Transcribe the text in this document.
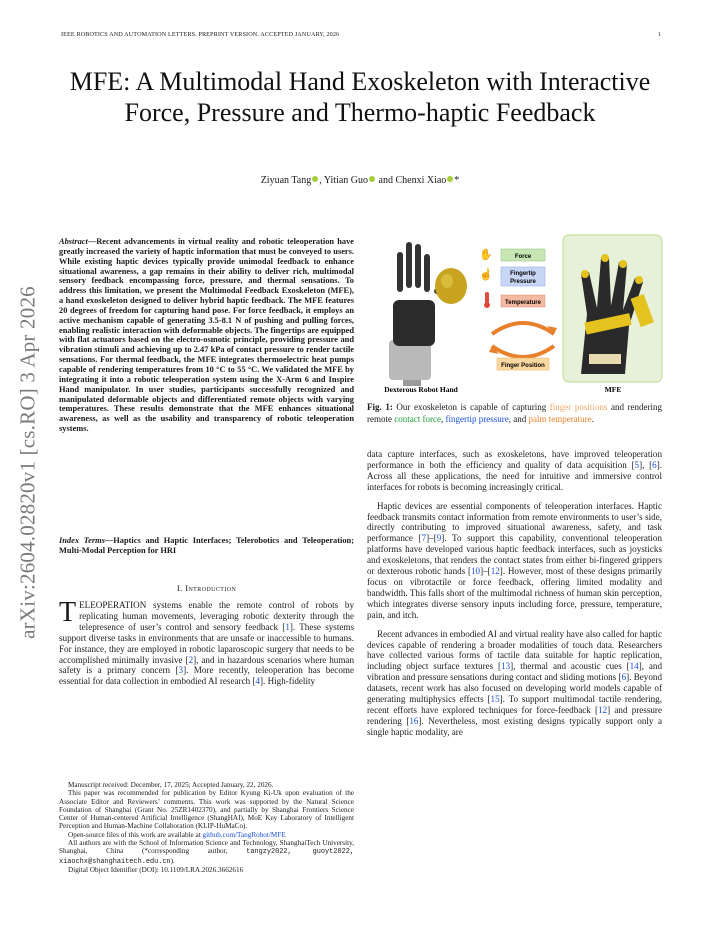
IEEE ROBOTICS AND AUTOMATION LETTERS. PREPRINT VERSION. ACCEPTED JANUARY, 2026	1
arXiv:2604.02820v1 [cs.RO] 3 Apr 2026
MFE: A Multimodal Hand Exoskeleton with Interactive Force, Pressure and Thermo-haptic Feedback
Ziyuan Tang , Yitian Guo and Chenxi Xiao *
Abstract—Recent advancements in virtual reality and robotic teleoperation have greatly increased the variety of haptic information that must be conveyed to users. While existing haptic devices typically provide unimodal feedback to enhance situational awareness, a gap remains in their ability to deliver rich, multimodal sensory feedback encompassing force, pressure, and thermal sensations. To address this limitation, we present the Multimodal Feedback Exoskeleton (MFE), a hand exoskeleton designed to deliver hybrid haptic feedback. The MFE features 20 degrees of freedom for capturing hand pose. For force feedback, it employs an active mechanism capable of generating 3.5-8.1 N of pushing and pulling forces, enabling realistic interaction with deformable objects. The fingertips are equipped with flat actuators based on the electro-osmotic principle, providing pressure and vibration stimuli and achieving up to 2.47 kPa of contact pressure to render tactile sensations. For thermal feedback, the MFE integrates thermoelectric heat pumps capable of rendering temperatures from 10 °C to 55 °C. We validated the MFE by integrating it into a robotic teleoperation system using the X-Arm 6 and Inspire Hand manipulator. In user studies, participants successfully recognized and manipulated deformable objects and differentiated remote objects with varying temperatures. These results demonstrate that the MFE enhances situational awareness, as well as the usability and transparency of robotic teleoperation systems.
Index Terms—Haptics and Haptic Interfaces; Telerobotics and Teleoperation; Multi-Modal Perception for HRI
I. Introduction
TELEOPERATION systems enable the remote control of robots by replicating human movements, leveraging robotic dexterity through the telepresence of user’s control and sensory feedback [1]. These systems support diverse tasks in environments that are unsafe or inaccessible to humans. For instance, they are employed in robotic laparoscopic surgery that needs to be accomplished minimally invasive [2], and in hazardous scenarios where human safety is a primary concern [3]. More recently, teleoperation has become essential for data collection in embodied AI research [4]. High-fidelity

Manuscript received: December, 17, 2025; Accepted January, 22, 2026.

This paper was recommended for publication by Editor Kyung Ki-Uk upon evaluation of the Associate Editor and Reviewers’ comments. This work was supported by the Natural Science Foundation of Shanghai (Grant No. 25ZR1402370), and partially by Shanghai Frontiers Science Center of Human-centered Artificial Intelligence (ShangHAI), MoE Key Laboratory of Intelligent Perception and Human-Machine Collaboration (KLIP-HuMaCo).

Open-source files of this work are available at github.com/TangRobot/MFE

All authors are with the School of Information Science and Technology, ShanghaiTech University, Shanghai, China (*corresponding author, tangzy2022, guoyt2022, xiaochx@shanghaitech.edu.cn).

Digital Object Identifier (DOI): 10.1109/LRA.2026.3662616

✋	Force
☝	Fingertip
Pressure
Temperature
Finger Position
Dexterous Robot Hand	MFE
Fig. 1: Our exoskeleton is capable of capturing finger positions and rendering remote contact force, fingertip pressure, and palm temperature.

data capture interfaces, such as exoskeletons, have improved teleoperation performance in both the efficiency and quality of data acquisition [5], [6]. Across all these applications, the need for intuitive and immersive control interfaces for robots is becoming increasingly critical.

Haptic devices are essential components of teleoperation interfaces. Haptic feedback transmits contact information from remote environments to user’s side, directly contributing to improved situational awareness, safety, and task performance [7]–[9]. To support this capability, conventional teleoperation platforms have developed various haptic feedback interfaces, such as joysticks and exoskeletons, that renders the contact states from either bi-fingered grippers or dexterous robotic hands [10]–[12]. However, most of these designs primarily focus on vibrotactile or force feedback, offering limited modality and bandwidth. This falls short of the multimodal richness of human skin perception, which integrates diverse sensory inputs including force, pressure, temperature, pain, and itch.

Recent advances in embodied AI and virtual reality have also called for haptic devices capable of rendering a broader modalities of touch data. Researchers have collected various forms of tactile data suitable for haptic replication, including object surface textures [13], thermal and acoustic cues [14], and vibration and pressure sensations during contact and sliding motions [6]. Beyond datasets, recent work has also focused on developing world models capable of generating multiphysics effects [15]. To support multimodal tactile rendering, recent efforts have explored techniques for force-feedback [12] and pressure rendering [16]. Nevertheless, most existing designs typically support only a single haptic modality, are
